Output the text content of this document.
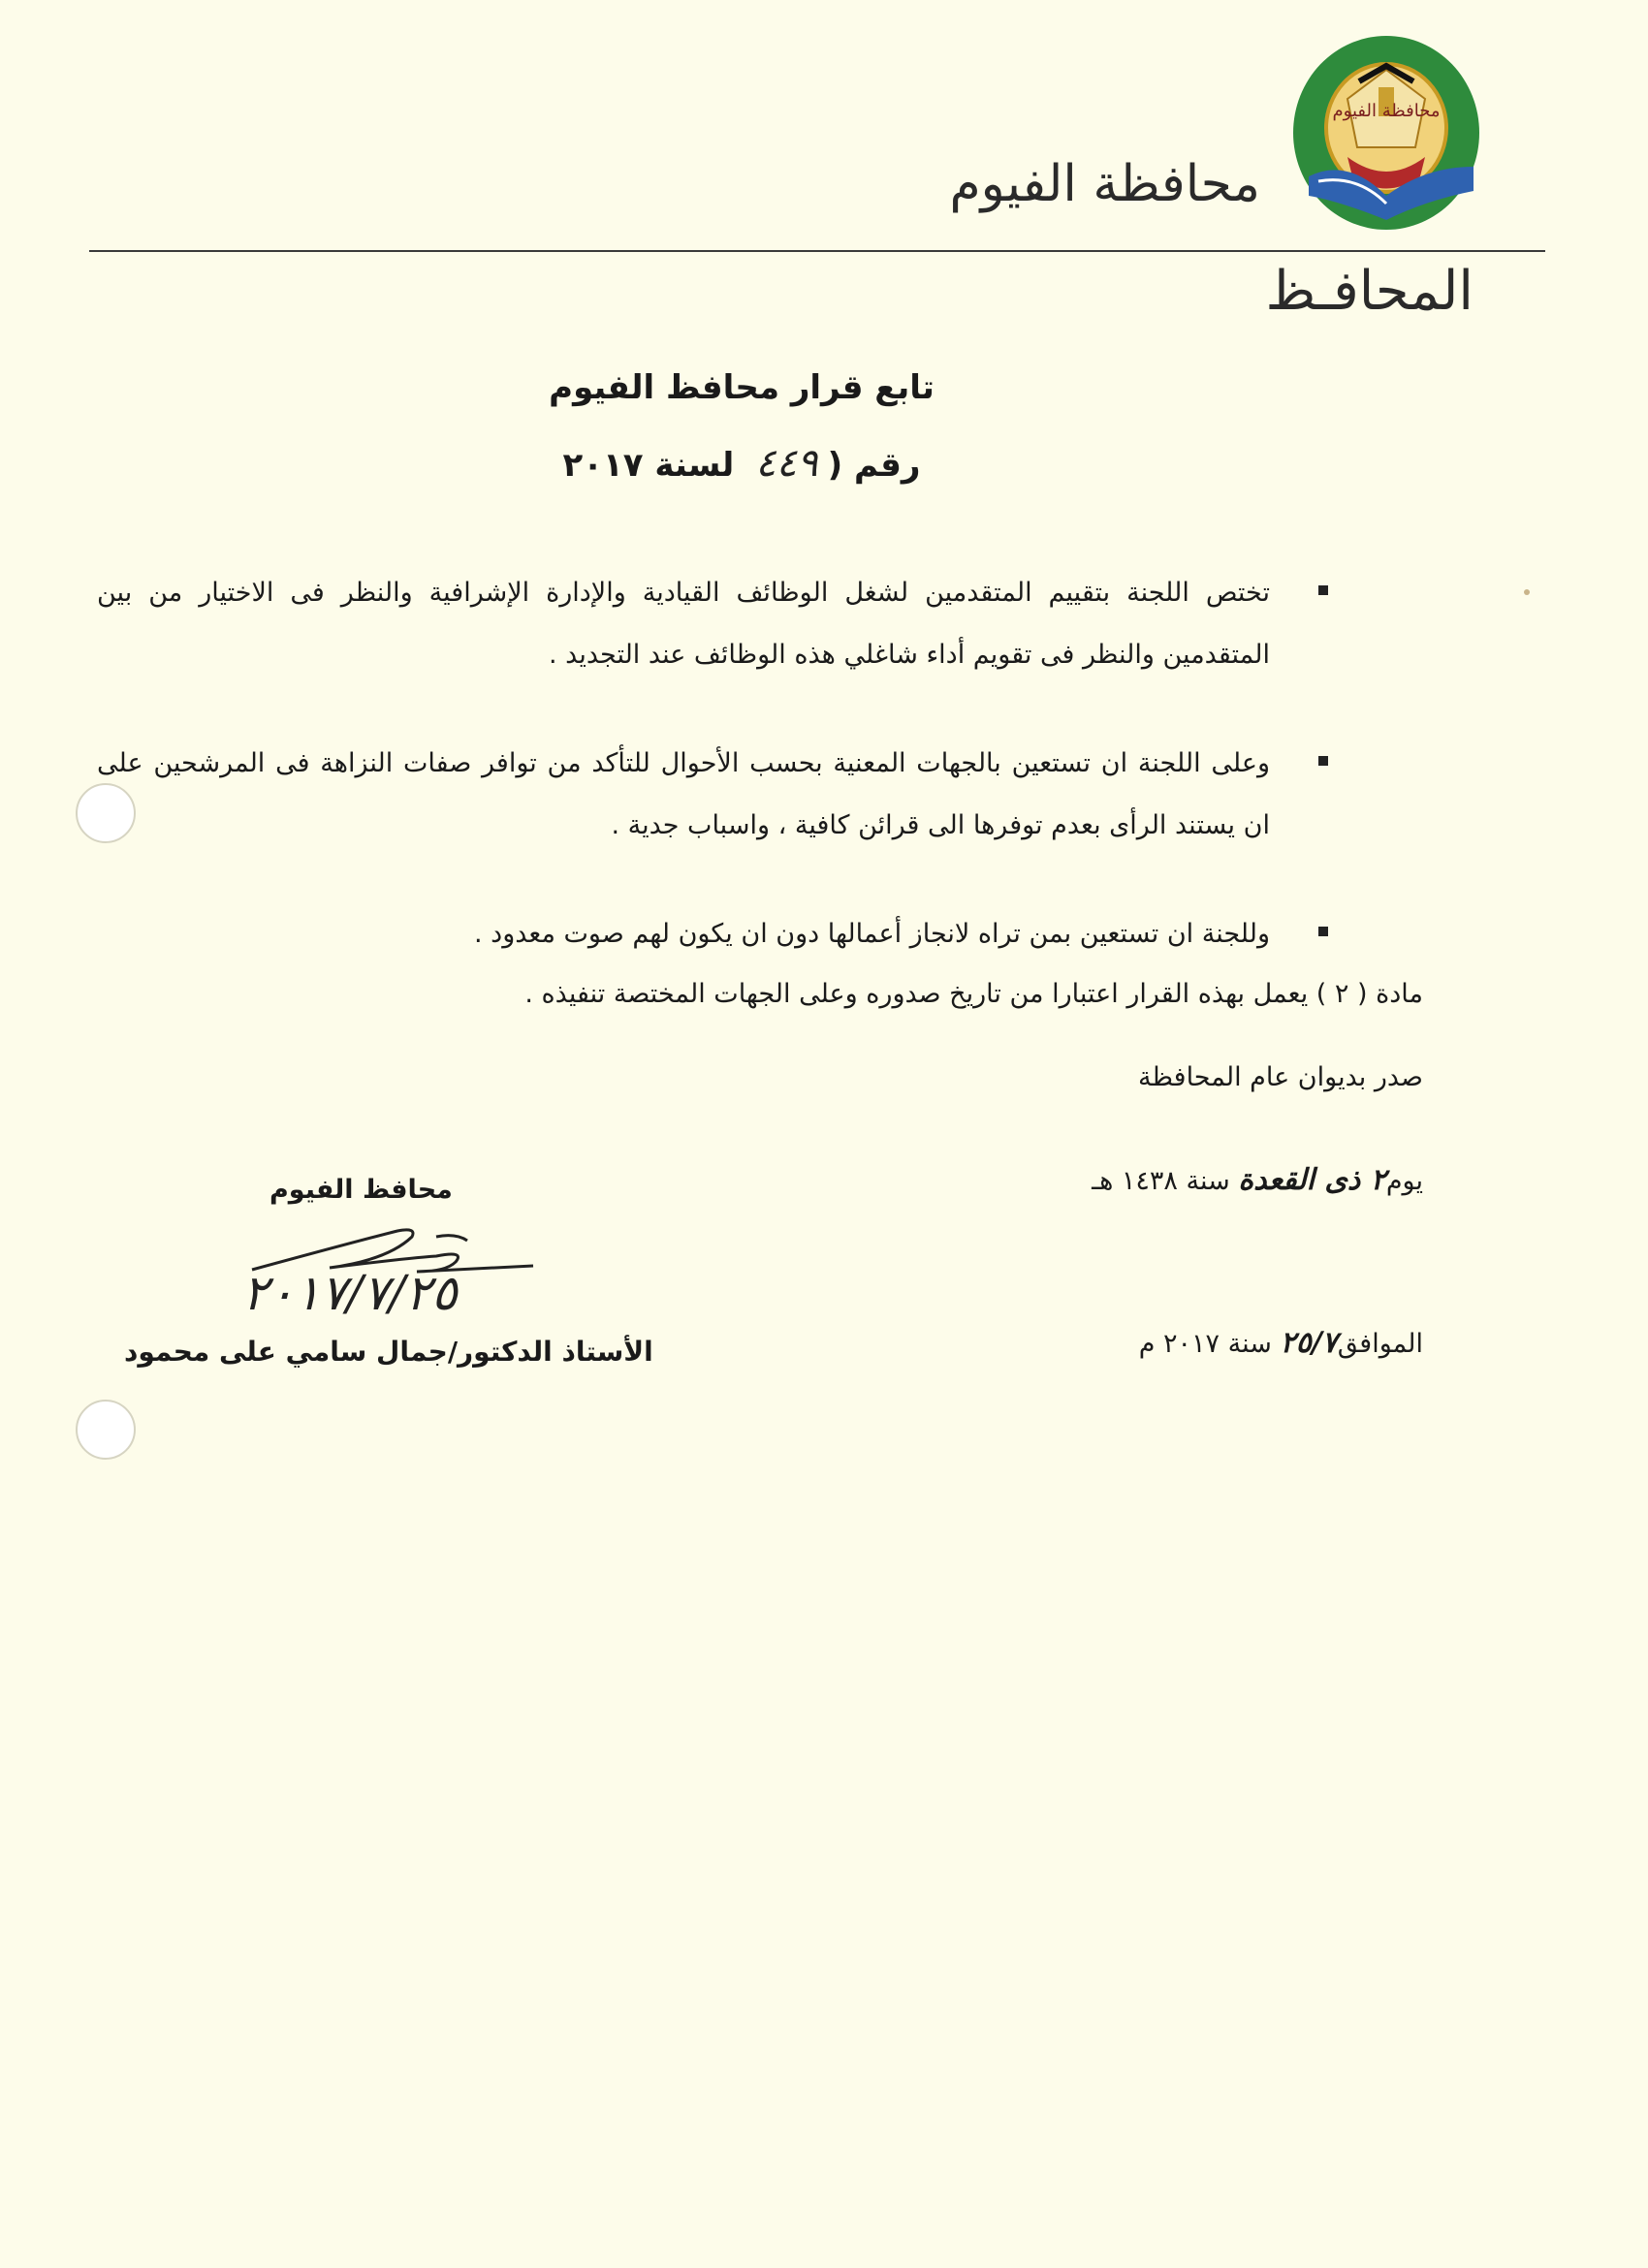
محافظة الفيوم
محافظة الفيوم
المحافـظ
تابع قرار محافظ الفيوم
رقم (٤٤٩ لسنة ٢٠١٧
تختص اللجنة بتقييم المتقدمين لشغل الوظائف القيادية والإدارة الإشرافية والنظر فى الاختيار من بين المتقدمين والنظر فى تقويم أداء شاغلي هذه الوظائف عند التجديد .
وعلى اللجنة ان تستعين بالجهات المعنية بحسب الأحوال للتأكد من توافر صفات النزاهة فى المرشحين على ان يستند الرأى بعدم توفرها الى قرائن كافية ، واسباب جدية .
وللجنة ان تستعين بمن تراه لانجاز أعمالها دون ان يكون لهم صوت معدود .
مادة ( ٢ ) يعمل بهذه القرار اعتبارا من تاريخ صدوره وعلى الجهات المختصة تنفيذه .
صدر بديوان عام المحافظة
يوم٢ ذى القعدة سنة ١٤٣٨ هـ
الموافق٢٥/٧ سنة ٢٠١٧ م
محافظ الفيوم
٢٠١٧/٧/٢٥
الأستاذ الدكتور/جمال سامي على محمود
